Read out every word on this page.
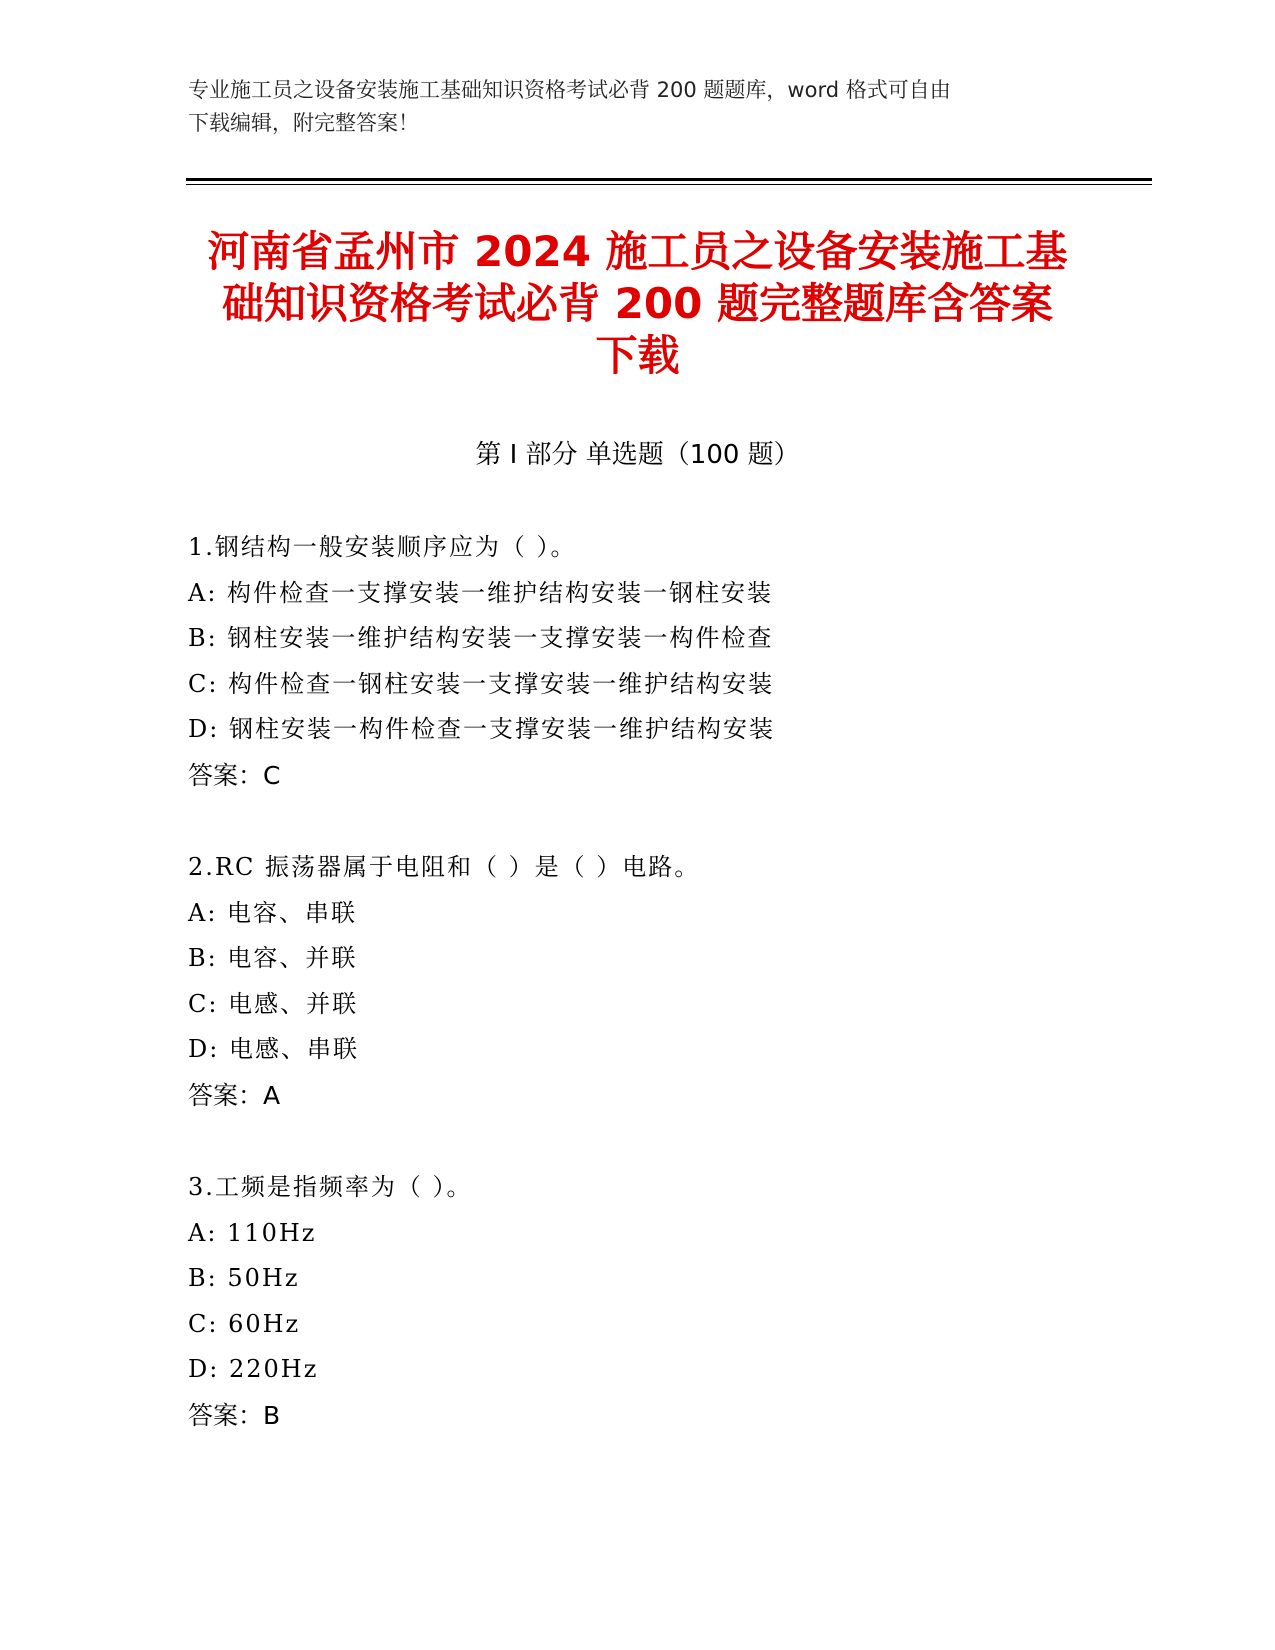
专业施工员之设备安装施工基础知识资格考试必背 200 题题库，word 格式可自由
下载编辑，附完整答案！

河南省孟州市 2024 施工员之设备安装施工基
础知识资格考试必背 200 题完整题库含答案
下载
第 I 部分 单选题（100 题）
1.钢结构一般安装顺序应为（ ）。
A: 构件检查一支撑安装一维护结构安装一钢柱安装
B: 钢柱安装一维护结构安装一支撑安装一构件检查
C: 构件检查一钢柱安装一支撑安装一维护结构安装
D: 钢柱安装一构件检查一支撑安装一维护结构安装
答案：C
2.RC 振荡器属于电阻和（ ）是（ ）电路。
A: 电容、串联
B: 电容、并联
C: 电感、并联
D: 电感、串联
答案：A
3.工频是指频率为（ ）。
A: 110Hz
B: 50Hz
C: 60Hz
D: 220Hz
答案：B
